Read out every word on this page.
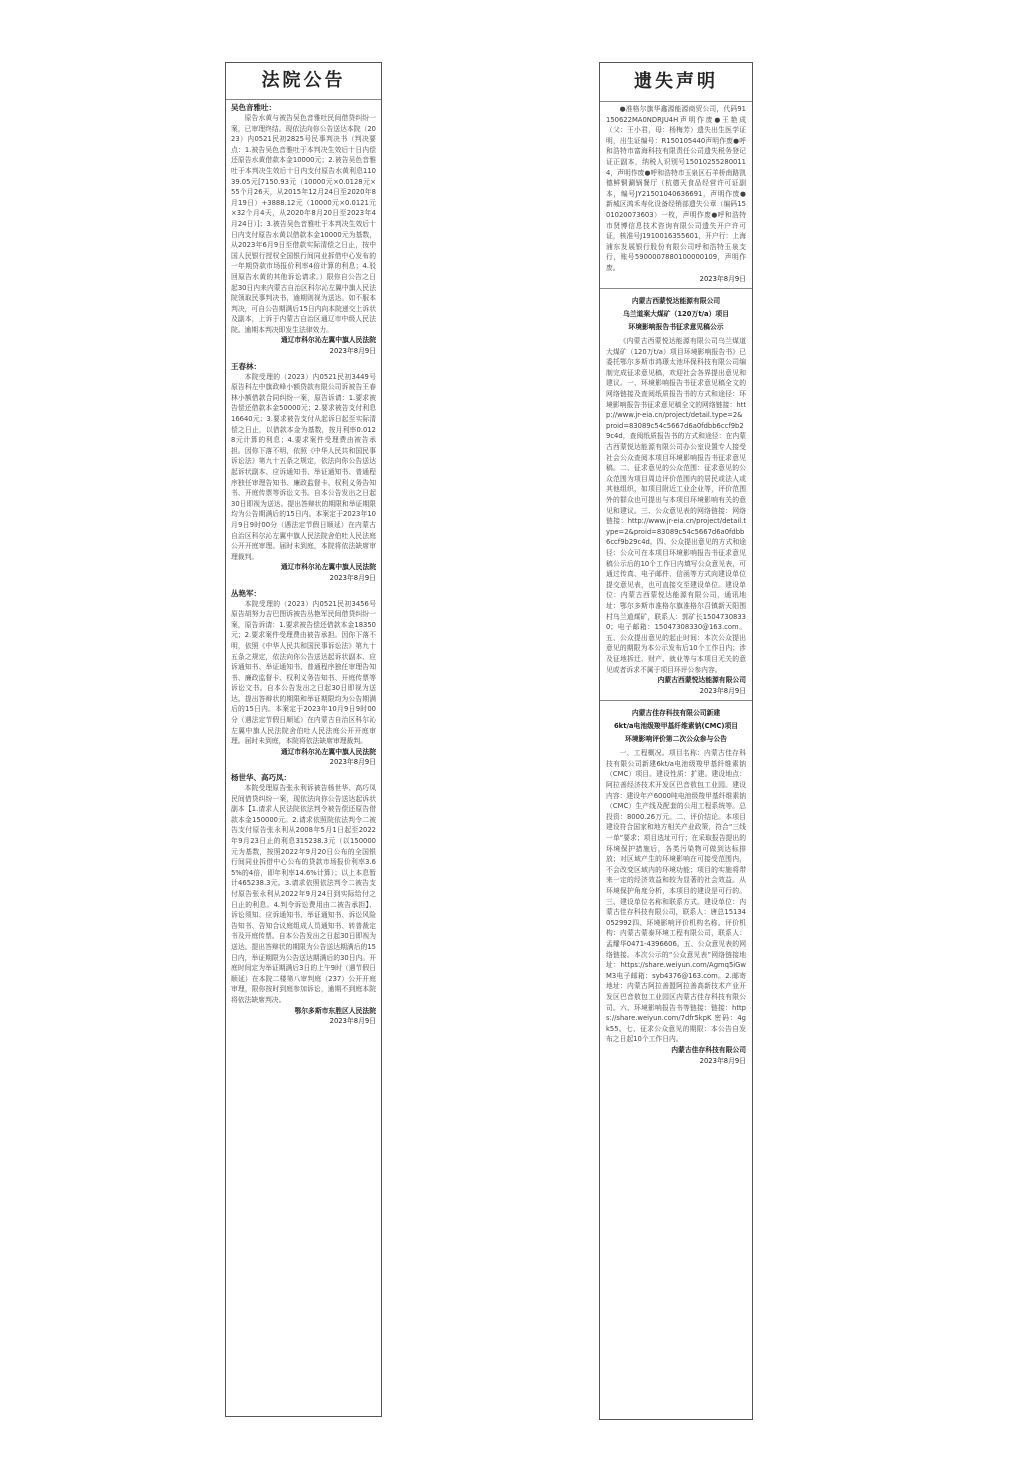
法院公告
吴色音雅吐：
原告水黄与被告吴色音雅吐民间借贷纠纷一案，已审理终结。现依法向你公告送达本院（2023）内0521民初2825号民事判决书（判决要点：1.被告吴色音雅吐于本判决生效后十日内偿还原告水黄借款本金10000元；2.被告吴色音雅吐于本判决生效后十日内支付原告水黄利息11039.05元[7150.93元（10000元×0.0128元×55个月26天，从2015年12月24日至2020年8月19日）+3888.12元（10000元×0.0121元×32个月4天，从2020年8月20日至2023年4月24日）]；3.被告吴色音雅吐于本判决生效后十日内支付原告水黄以借款本金10000元为基数，从2023年6月9日至借款实际清偿之日止，按中国人民银行授权全国银行间同业拆借中心发布的一年期贷款市场报价利率4倍计算的利息；4.驳回原告水黄的其他诉讼请求。）限你自公告之日起30日内来内蒙古自治区科尔沁左翼中旗人民法院领取民事判决书，逾期则视为送达。如不服本判决，可自公告期满后15日内向本院递交上诉状及副本，上诉于内蒙古自治区通辽市中级人民法院。逾期本判决即发生法律效力。
通辽市科尔沁左翼中旗人民法院
2023年8月9日
王春林：
本院受理的（2023）内0521民初3449号原告科左中旗政峰小额贷款有限公司诉被告王春林小额借款合同纠纷一案，原告诉请：1.要求被告偿还借款本金50000元；2.要求被告支付利息16640元；3.要求被告支付从起诉日起至实际清偿之日止，以借款本金为基数，按月利率0.0128元计算的利息；4.要求案件受理费由被告承担。因你下落不明，依照《中华人民共和国民事诉讼法》第九十五条之规定，依法向你公告送达起诉状副本、应诉通知书、举证通知书、普通程序独任审理告知书、廉政监督卡、权利义务告知书、开庭传票等诉讼文书。自本公告发出之日起30日即视为送达。提出答辩状的期限和举证期限均为公告期满后的15日内。本案定于2023年10月9日9时00分（遇法定节假日顺延）在内蒙古自治区科尔沁左翼中旗人民法院舍伯吐人民法庭公开开庭审理。届时未到庭，本院将依法缺席审理裁判。
通辽市科尔沁左翼中旗人民法院
2023年8月9日
丛艳军：
本院受理的（2023）内0521民初3456号原告胡努力吉巴图诉被告丛艳军民间借贷纠纷一案，原告诉请：1.要求被告偿还借款本金18350元；2.要求案件受理费由被告承担。因你下落不明，依照《中华人民共和国民事诉讼法》第九十五条之规定，依法向你公告送达起诉状副本、应诉通知书、举证通知书、普通程序独任审理告知书、廉政监督卡、权利义务告知书、开庭传票等诉讼文书。自本公告发出之日起30日即视为送达。提出答辩状的期限和举证期限均为公告期满后的15日内。本案定于2023年10月9日9时00分（遇法定节假日顺延）在内蒙古自治区科尔沁左翼中旗人民法院舍伯吐人民法庭公开开庭审理。届时未到庭，本院将依法缺席审理裁判。
通辽市科尔沁左翼中旗人民法院
2023年8月9日
杨世华、高巧凤：
本院受理原告张永利诉被告杨世华、高巧凤民间借贷纠纷一案，现依法向你公告送达起诉状副本【1.请求人民法院依法判令被告偿还原告借款本金150000元。2.请求依照院依法判令二被告支付原告张永利从2008年5月1日起至2022年9月23日止的利息315238.3元（以150000元为基数，按照2022年9月20日公布的全国银行间同业拆借中心公布的贷款市场报价利率3.65%的4倍，即年利率14.6%计算）；以上本息暂计465238.3元。3.请求依照依法判令二被告支付原告张永利从2022年9月24日到实际给付之日止的利息。4.判令诉讼费用由二被告承担】、诉讼须知、应诉通知书、举证通知书、诉讼风险告知书、告知合议庭组成人员通知书、转普裁定书及开庭传票。自本公告发出之日起30日即视为送达。提出答辩状的期限为公告送达期满后的15日内，举证期限为公告送达期满后的30日内。开庭时间定为举证期满后3日的上午9时（遇节假日顺延）在本院二楼第八审判庭（237）公开开庭审理，限你按时到庭参加诉讼，逾期不到庭本院将依法缺席判决。
鄂尔多斯市东胜区人民法院
2023年8月9日
遗失声明
●准格尔旗华鑫源能源商贸公司，代码91150622MA0NDRJU4H声明作废●王艳成（父：王小君，母：杨梅芳）遗失出生医学证明，出生证编号：R150105440声明作废●呼和浩特市富海科技有限责任公司遗失税务登记证正副本，纳税人识别号150102552800114，声明作废●呼和浩特市玉泉区石羊桥南路凯德鲜铜涮锅餐厅（杭德天食品经营许可证副本，编号JY21501040636691，声明作废●新城区鸿禾寿化设备经销部遗失公章（编码1501020073603）一枚，声明作废●呼和浩特市贤博信息技术咨询有限公司遗失开户许可证，核准号J1910016355601，开户行：上海浦东发展银行股份有限公司呼和浩特玉泉支行，账号5900007880100000109，声明作废。
2023年8月9日
内蒙古西蒙悦达能源有限公司
乌兰道案大煤矿（120万t/a）项目
环境影响报告书征求意见稿公示
《内蒙古西蒙悦达能源有限公司乌兰煤道大煤矿（120万t/a）项目环境影响报告书》已委托鄂尔多斯市鸿璟太池环保科技有限公司编制完成征求意见稿，欢迎社会各界提出意见和建议。一、环境影响报告书征求意见稿全文的网络链接及查阅纸质报告书的方式和途径：环境影响报告书征求意见稿全文的网络链接：http://www.jr-eia.cn/project/detail.type=2&proid=83089c54c5667d6a0fdbb6ccf9b29c4d，查阅纸质报告书的方式和途径：在内蒙古西蒙悦达能源有限公司办公室设置专人接受社会公众查阅本项目环境影响报告书征求意见稿。二、征求意见的公众范围：征求意见的公众范围为项目周边评价范围内的居民或法人或其他组织，如项目附近工业企业等，评价范围外的群众也可提出与本项目环境影响有关的意见和建议。三、公众意见表的网络链接：网络链接：http://www.jr-eia.cn/project/detail.type=2&proid=83089c54c5667d6a0fdbb6ccf9b29c4d。四、公众提出意见的方式和途径：公众可在本项目环境影响报告书征求意见稿公示后的10个工作日内填写公众意见表，可通过传真、电子邮件、信函等方式向建设单位提交意见表，也可直接交至建设单位。建设单位：内蒙古西蒙悦达能源有限公司，通讯地址：鄂尔多斯市准格尔旗准格尔召镇新天阳围村乌兰道煤矿，联系人：郭矿长15047308330；电子邮箱：15047308330@163.com。五、公众提出意见的起止时间：本次公众提出意见的期限为本公示发布后10个工作日内；涉及征地拆迁、财产、就业等与本项目无关的意见或者诉求不属于项目环评公参内容。
内蒙古西蒙悦达能源有限公司
2023年8月9日
内蒙古佳存科技有限公司新建
6kt/a电池级羧甲基纤维素钠(CMC)项目
环境影响评价第二次公众参与公告
一、工程概况。项目名称：内蒙古佳存科技有限公司新建6kt/a电池级羧甲基纤维素钠（CMC）项目。建设性质：扩建。建设地点：阿拉善经济技术开发区巴音敖包工业园。建设内容：建设年产6000吨电池级羧甲基纤维素钠（CMC）生产线及配套的公用工程系统等。总投资：8000.26万元。二、评价结论。本项目建设符合国家和地方相关产业政策，符合“三线一单”要求；项目选址可行；在采取报告提出的环境保护措施后，各类污染物可做到达标排放；对区域产生的环境影响在可接受范围内，不会改变区域内的环境功能；项目的实施将带来一定的经济效益和较为显著的社会效益。从环境保护角度分析，本项目的建设是可行的。三、建设单位名称和联系方式。建设单位：内蒙古佳存科技有限公司，联系人：唐总15134052992四、环境影响评价机构名称。评价机构：内蒙古蒙泰环境工程有限公司，联系人：孟耀华0471-4396606。五、公众意见表的网络链接。本次公示的“公众意见表”网络链接地址：https://share.weiyun.com/Agmq5iGwM3电子邮箱：syb4376@163.com。2.邮寄地址：内蒙古阿拉善盟阿拉善高新技术产业开发区巴音敖包工业园区内蒙古佳存科技有限公司。六、环境影响报告书等链接：链接：https://share.weiyun.com/7dfr5kpK 密码：4gk55。七、征求公众意见的期限：本公告自发布之日起10个工作日内。
内蒙古佳存科技有限公司
2023年8月9日
